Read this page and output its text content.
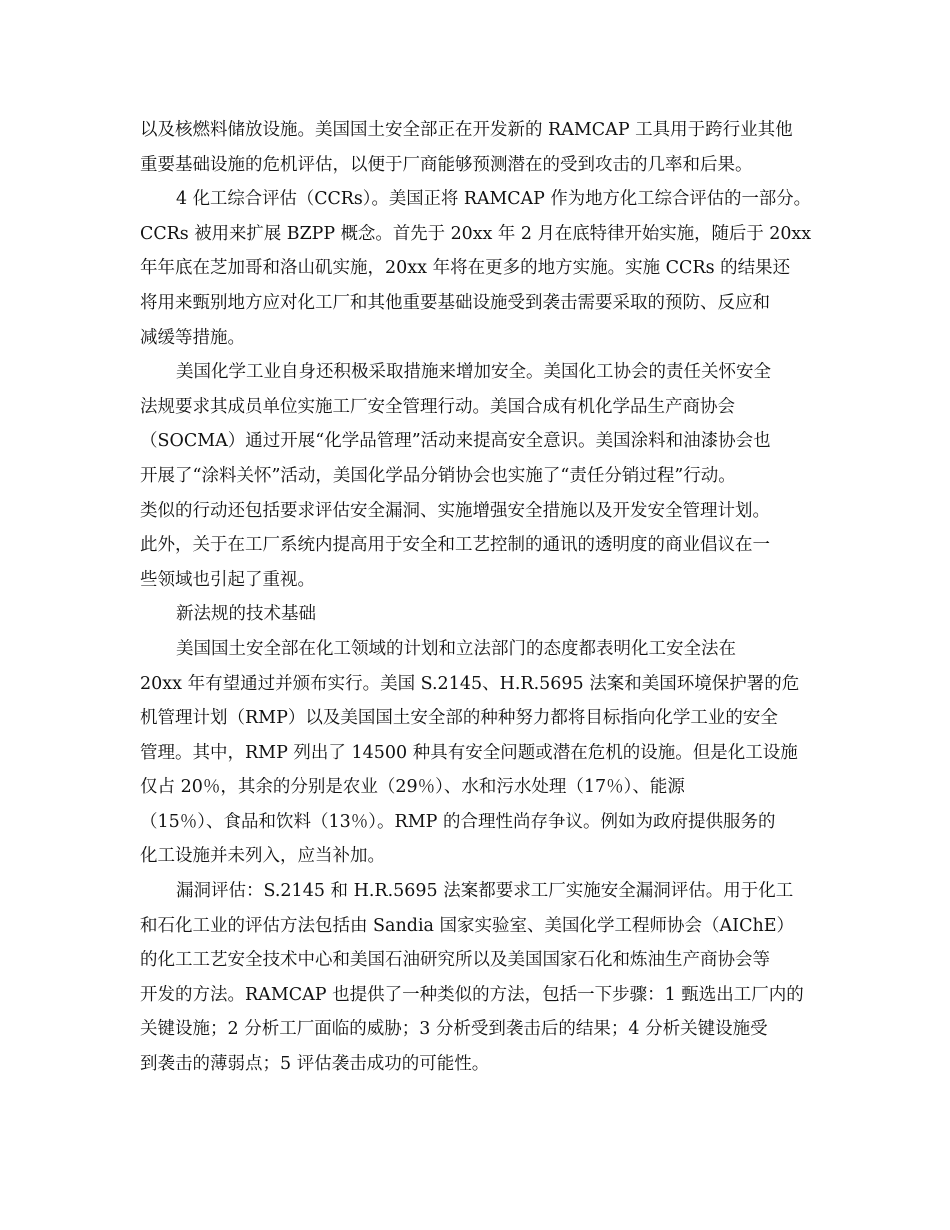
以及核燃料储放设施。美国国土安全部正在开发新的 RAMCAP 工具用于跨行业其他
重要基础设施的危机评估，以便于厂商能够预测潜在的受到攻击的几率和后果。
4 化工综合评估（CCRs）。美国正将 RAMCAP 作为地方化工综合评估的一部分。
CCRs 被用来扩展 BZPP 概念。首先于 20xx 年 2 月在底特律开始实施，随后于 20xx
年年底在芝加哥和洛山矶实施，20xx 年将在更多的地方实施。实施 CCRs 的结果还
将用来甄别地方应对化工厂和其他重要基础设施受到袭击需要采取的预防、反应和
减缓等措施。
美国化学工业自身还积极采取措施来增加安全。美国化工协会的责任关怀安全
法规要求其成员单位实施工厂安全管理行动。美国合成有机化学品生产商协会
（SOCMA）通过开展“化学品管理”活动来提高安全意识。美国涂料和油漆协会也
开展了“涂料关怀”活动，美国化学品分销协会也实施了“责任分销过程”行动。
类似的行动还包括要求评估安全漏洞、实施增强安全措施以及开发安全管理计划。
此外，关于在工厂系统内提高用于安全和工艺控制的通讯的透明度的商业倡议在一
些领域也引起了重视。
新法规的技术基础
美国国土安全部在化工领域的计划和立法部门的态度都表明化工安全法在
20xx 年有望通过并颁布实行。美国 S.2145、H.R.5695 法案和美国环境保护署的危
机管理计划（RMP）以及美国国土安全部的种种努力都将目标指向化学工业的安全
管理。其中，RMP 列出了 14500 种具有安全问题或潜在危机的设施。但是化工设施
仅占 20％，其余的分别是农业（29％）、水和污水处理（17％）、能源
（15％）、食品和饮料（13％）。RMP 的合理性尚存争议。例如为政府提供服务的
化工设施并未列入，应当补加。
漏洞评估：S.2145 和 H.R.5695 法案都要求工厂实施安全漏洞评估。用于化工
和石化工业的评估方法包括由 Sandia 国家实验室、美国化学工程师协会（AIChE）
的化工工艺安全技术中心和美国石油研究所以及美国国家石化和炼油生产商协会等
开发的方法。RAMCAP 也提供了一种类似的方法，包括一下步骤：1 甄选出工厂内的
关键设施；2 分析工厂面临的威胁；3 分析受到袭击后的结果；4 分析关键设施受
到袭击的薄弱点；5 评估袭击成功的可能性。
